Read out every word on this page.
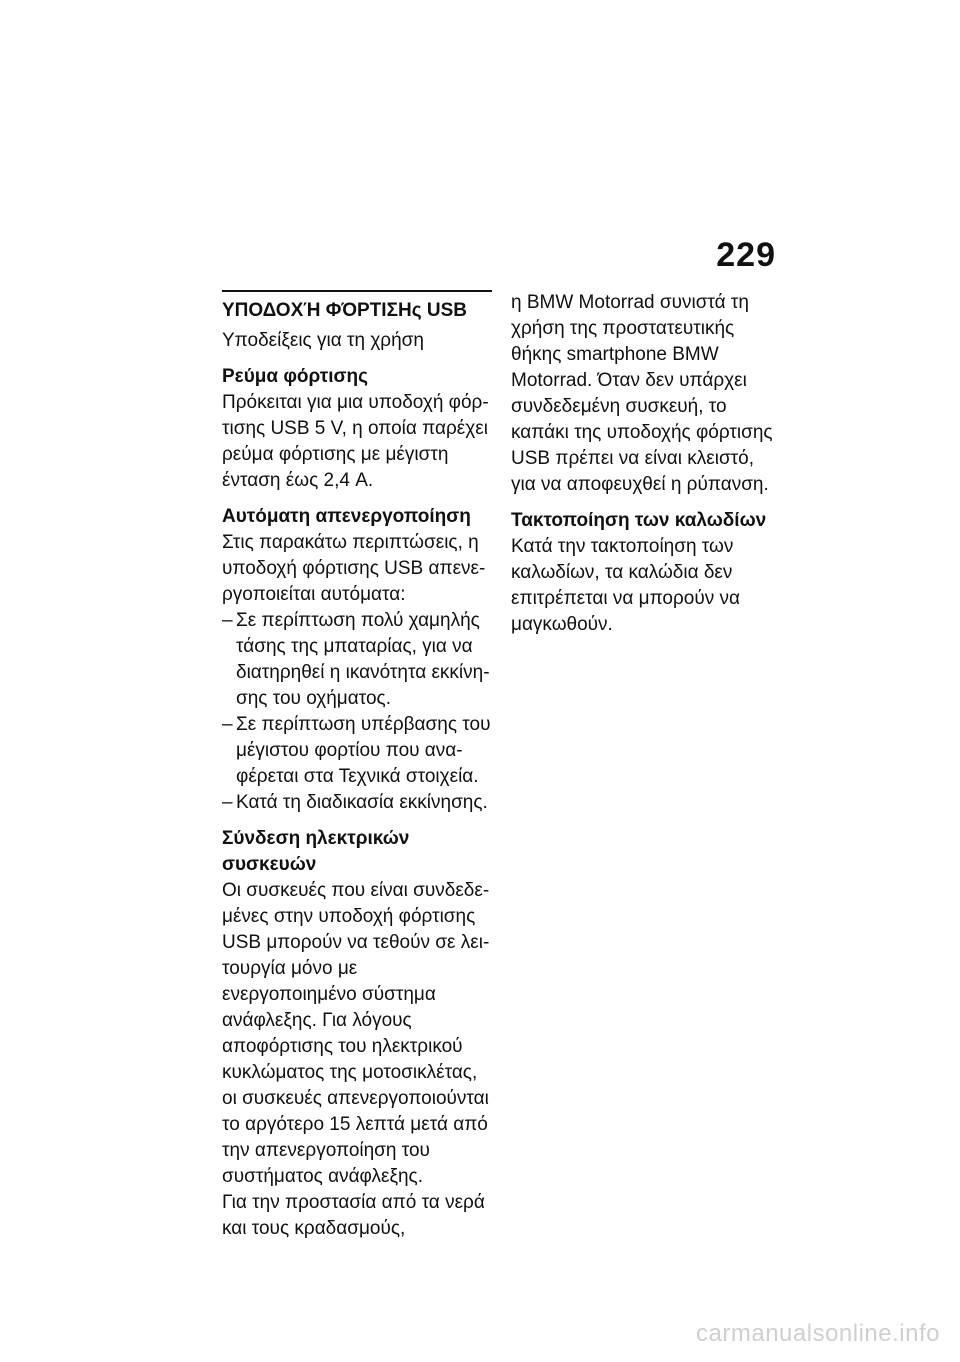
229
ΥΠΟΔΟΧΉ ΦΌΡΤΙΣΗς USB

Υποδείξεις για τη χρήση

Ρεύμα φόρτισης

Πρόκειται για μια υποδοχή φόρτισης USB 5 V, η οποία παρέχει ρεύμα φόρτισης με μέγιστη ένταση έως 2,4 A.

Αυτόματη απενεργοποίηση

Στις παρακάτω περιπτώσεις, η υποδοχή φόρτισης USB απενεργοποιείται αυτόματα:

– Σε περίπτωση πολύ χαμηλής τάσης της μπαταρίας, για να διατηρηθεί η ικανότητα εκκίνησης του οχήματος.
– Σε περίπτωση υπέρβασης του μέγιστου φορτίου που αναφέρεται στα Τεχνικά στοιχεία.
– Κατά τη διαδικασία εκκίνησης.

Σύνδεση ηλεκτρικών συσκευών

Οι συσκευές που είναι συνδεδεμένες στην υποδοχή φόρτισης USB μπορούν να τεθούν σε λειτουργία μόνο με ενεργοποιημένο σύστημα ανάφλεξης. Για λόγους αποφόρτισης του ηλεκτρικού κυκλώματος της μοτοσικλέτας, οι συσκευές απενεργοποιούνται το αργότερο 15 λεπτά μετά από την απενεργοποίηση του συστήματος ανάφλεξης.

Για την προστασία από τα νερά και τους κραδασμούς,

η BMW Motorrad συνιστά τη χρήση της προστατευτικής θήκης smartphone BMW Motorrad. Όταν δεν υπάρχει συνδεδεμένη συσκευή, το καπάκι της υποδοχής φόρτισης USB πρέπει να είναι κλειστό, για να αποφευχθεί η ρύπανση.

Τακτοποίηση των καλωδίων

Κατά την τακτοποίηση των καλωδίων, τα καλώδια δεν επιτρέπεται να μπορούν να μαγκωθούν.

carmanualsonline.info
